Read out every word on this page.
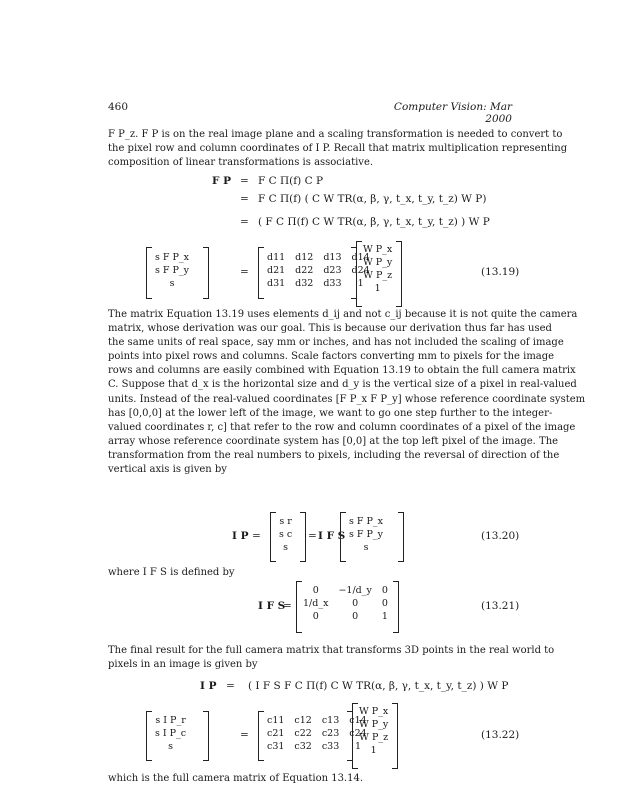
460	Computer Vision: Mar 2000
F P_z. F P is on the real image plane and a scaling transformation is needed to convert to
the pixel row and column coordinates of I P. Recall that matrix multiplication representing
composition of linear transformations is associative.
F P = F C Π(f) C P
= F C Π(f) ( C W TR(α, β, γ, t_x, t_y, t_z) W P)
= ( F C Π(f) C W TR(α, β, γ, t_x, t_y, t_z) ) W P
s F P_x
s F P_y
s
=
d11	d12	d13	d14
d21	d22	d23	d24
d31	d32	d33	1
W P_x
W P_y
W P_z
1
(13.19)
The matrix Equation 13.19 uses elements d_ij and not c_ij because it is not quite the camera
matrix, whose derivation was our goal. This is because our derivation thus far has used
the same units of real space, say mm or inches, and has not included the scaling of image
points into pixel rows and columns. Scale factors converting mm to pixels for the image
rows and columns are easily combined with Equation 13.19 to obtain the full camera matrix
C. Suppose that d_x is the horizontal size and d_y is the vertical size of a pixel in real-valued
units. Instead of the real-valued coordinates [F P_x F P_y] whose reference coordinate system
has [0,0,0] at the lower left of the image, we want to go one step further to the integer-
valued coordinates r, c] that refer to the row and column coordinates of a pixel of the image
array whose reference coordinate system has [0,0] at the top left pixel of the image. The
transformation from the real numbers to pixels, including the reversal of direction of the
vertical axis is given by
I P =
s r
s c
s
= I F S
s F P_x
s F P_y
s
(13.20)
where I F S is defined by
I F S
=
0	−1/d_y	0
1/d_x	0	0
0	0	1
(13.21)
The final result for the full camera matrix that transforms 3D points in the real world to
pixels in an image is given by
I P = ( I F S F C Π(f) C W TR(α, β, γ, t_x, t_y, t_z) ) W P
s I P_r
s I P_c
s
=
c11	c12	c13	c14
c21	c22	c23	c24
c31	c32	c33	1
W P_x
W P_y
W P_z
1
(13.22)
which is the full camera matrix of Equation 13.14.
